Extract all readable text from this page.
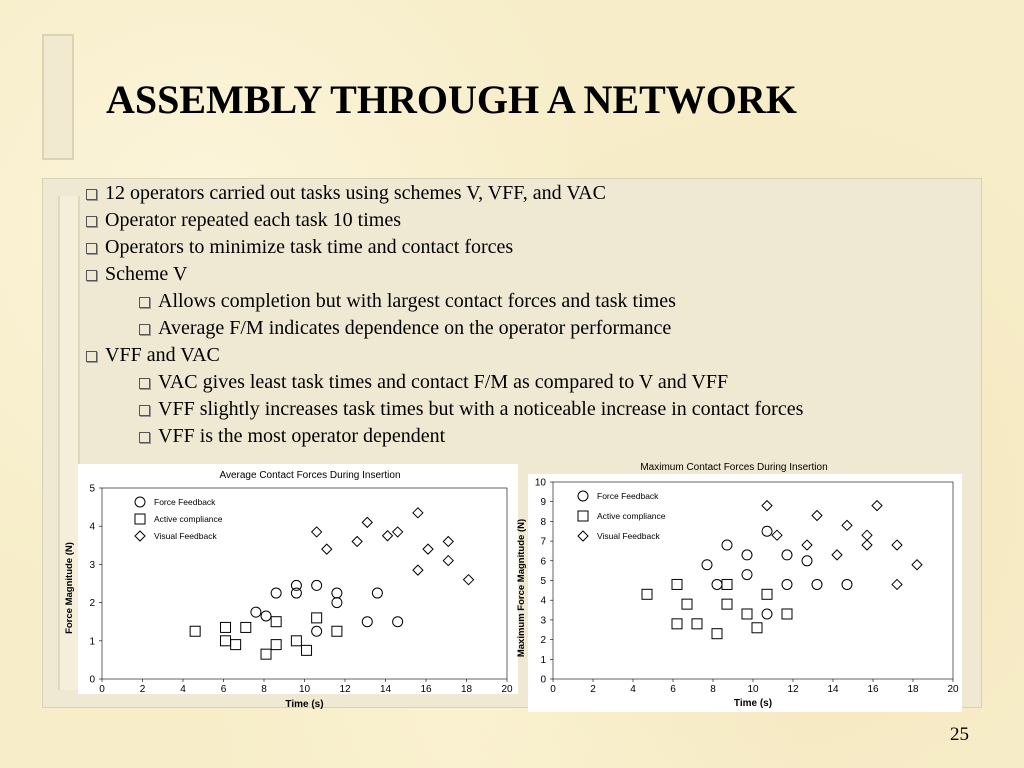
ASSEMBLY THROUGH A NETWORK
12 operators carried out tasks using schemes V, VFF, and VAC
Operator repeated each task 10 times
Operators to minimize task time and contact forces
Scheme V
Allows completion but with largest contact forces and task times
Average F/M indicates dependence on the operator performance
VFF and VAC
VAC gives least task times and contact F/M as compared to V and VFF
VFF slightly increases task times but with a noticeable increase in contact forces
VFF is the most operator dependent
Average Contact Forces During Insertion
0	2	4	6	8	10	12	14	16	18	20
0
1
2
3
4
5
Time (s)
Force Magnitude (N)
Force Feedback
Active compliance
Visual Feedback
Maximum Contact Forces During Insertion
0	2	4	6	8	10	12	14	16	18	20
0
1
2
3
4
5
6
7
8
9
10
Time (s)
Maximum Force Magnitude (N)
Force Feedback
Active compliance
Visual Feedback
25
